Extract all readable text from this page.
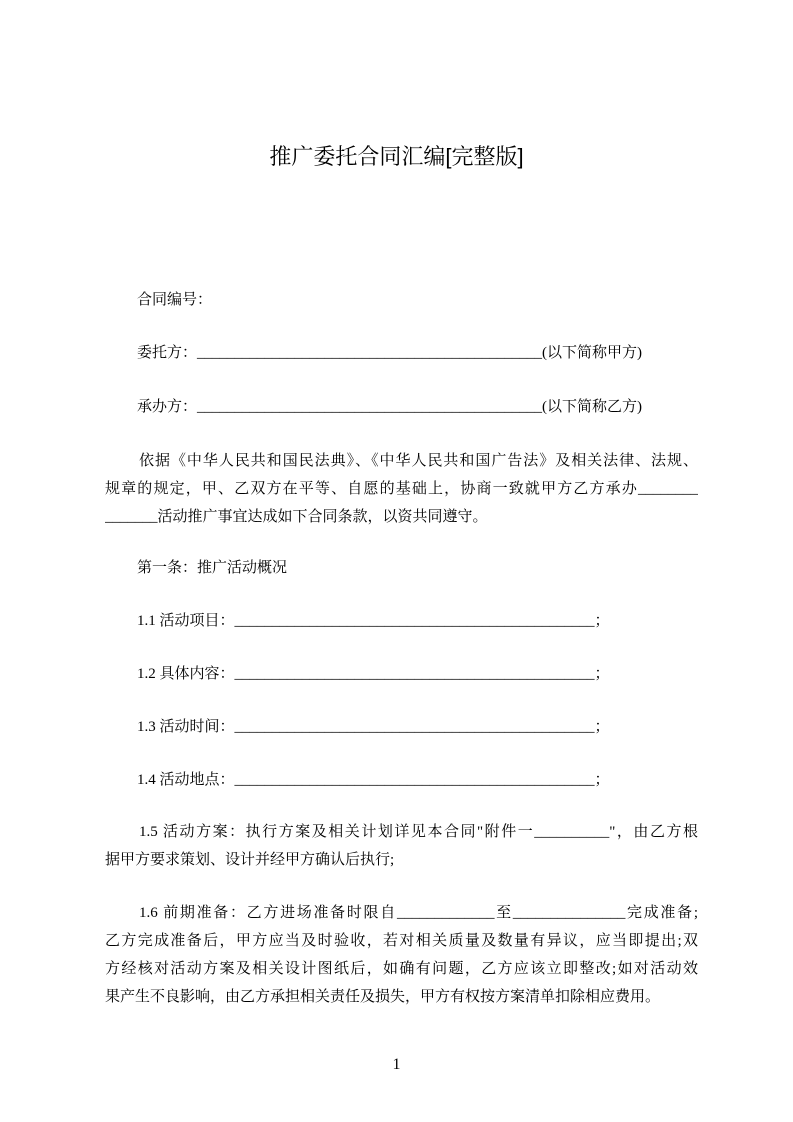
推广委托合同汇编[完整版]
合同编号：
委托方：______________________________________________(以下简称甲方)
承办方：______________________________________________(以下简称乙方)
依据《中华人民共和国民法典》、《中华人民共和国广告法》及相关法律、法规、
规章的规定，甲、乙双方在平等、自愿的基础上，协商一致就甲方乙方承办________
_______活动推广事宜达成如下合同条款，以资共同遵守。
第一条：推广活动概况
1.1 活动项目：________________________________________________；
1.2 具体内容：________________________________________________；
1.3 活动时间：________________________________________________；
1.4 活动地点：________________________________________________；
1.5 活动方案：执行方案及相关计划详见本合同"附件一__________"，由乙方根
据甲方要求策划、设计并经甲方确认后执行;
1.6 前期准备：乙方进场准备时限自_____________至_______________完成准备;
乙方完成准备后，甲方应当及时验收，若对相关质量及数量有异议，应当即提出;双
方经核对活动方案及相关设计图纸后，如确有问题，乙方应该立即整改;如对活动效
果产生不良影响，由乙方承担相关责任及损失，甲方有权按方案清单扣除相应费用。
1
